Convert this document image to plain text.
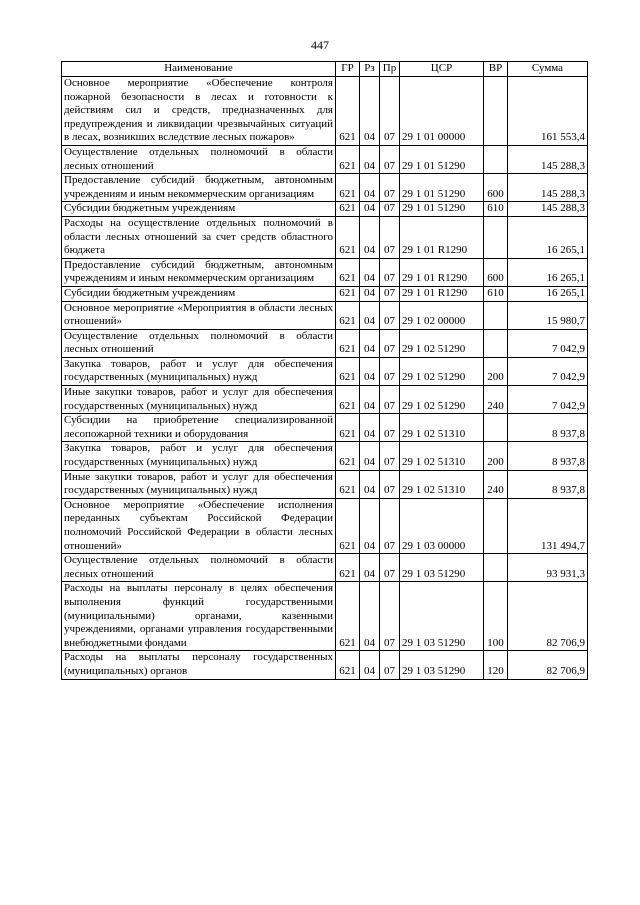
447
Наименование	ГР	Рз	Пр	ЦСР	ВР	Сумма
Основное мероприятие «Обеспечение контроля пожарной безопасности в лесах и готовности к действиям сил и средств, предназначенных для предупреждения и ликвидации чрезвычайных ситуаций в лесах, возникших вследствие лесных пожаров»	621	04	07	29 1 01 00000		161 553,4
Осуществление отдельных полномочий в области лесных отношений	621	04	07	29 1 01 51290		145 288,3
Предоставление субсидий бюджетным, автономным учреждениям и иным некоммерческим организациям	621	04	07	29 1 01 51290	600	145 288,3
Субсидии бюджетным учреждениям	621	04	07	29 1 01 51290	610	145 288,3
Расходы на осуществление отдельных полномочий в области лесных отношений за счет средств областного бюджета	621	04	07	29 1 01 R1290		16 265,1
Предоставление субсидий бюджетным, автономным учреждениям и иным некоммерческим организациям	621	04	07	29 1 01 R1290	600	16 265,1
Субсидии бюджетным учреждениям	621	04	07	29 1 01 R1290	610	16 265,1
Основное мероприятие «Мероприятия в области лесных отношений»	621	04	07	29 1 02 00000		15 980,7
Осуществление отдельных полномочий в области лесных отношений	621	04	07	29 1 02 51290		7 042,9
Закупка товаров, работ и услуг для обеспечения государственных (муниципальных) нужд	621	04	07	29 1 02 51290	200	7 042,9
Иные закупки товаров, работ и услуг для обеспечения государственных (муниципальных) нужд	621	04	07	29 1 02 51290	240	7 042,9
Субсидии на приобретение специализированной лесопожарной техники и оборудования	621	04	07	29 1 02 51310		8 937,8
Закупка товаров, работ и услуг для обеспечения государственных (муниципальных) нужд	621	04	07	29 1 02 51310	200	8 937,8
Иные закупки товаров, работ и услуг для обеспечения государственных (муниципальных) нужд	621	04	07	29 1 02 51310	240	8 937,8
Основное мероприятие «Обеспечение исполнения переданных субъектам Российской Федерации полномочий Российской Федерации в области лесных отношений»	621	04	07	29 1 03 00000		131 494,7
Осуществление отдельных полномочий в области лесных отношений	621	04	07	29 1 03 51290		93 931,3
Расходы на выплаты персоналу в целях обеспечения выполнения функций государственными (муниципальными) органами, казенными учреждениями, органами управления государственными внебюджетными фондами	621	04	07	29 1 03 51290	100	82 706,9
Расходы на выплаты персоналу государственных (муниципальных) органов	621	04	07	29 1 03 51290	120	82 706,9
